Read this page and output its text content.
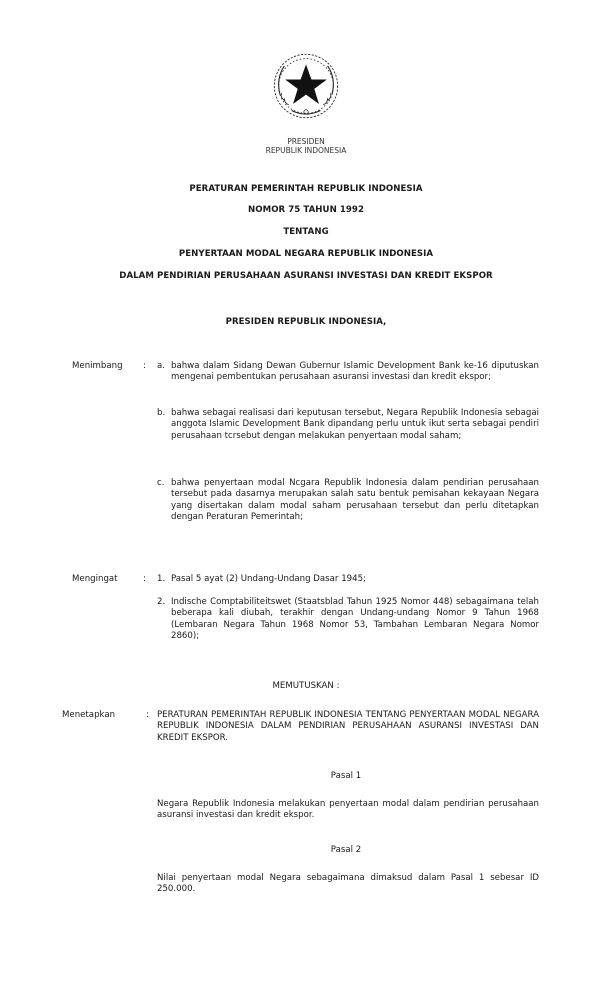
PRESIDEN
REPUBLIK INDONESIA
PERATURAN PEMERINTAH REPUBLIK INDONESIA
NOMOR 75 TAHUN 1992
TENTANG
PENYERTAAN MODAL NEGARA REPUBLIK INDONESIA
DALAM PENDIRIAN PERUSAHAAN ASURANSI INVESTASI DAN KREDIT EKSPOR
PRESIDEN REPUBLIK INDONESIA,
Menimbang : a. bahwa dalam Sidang Dewan Gubernur Islamic Development Bank ke-16 diputuskan mengenai pembentukan perusahaan asuransi investasi dan kredit ekspor;
b. bahwa sebagai realisasi dari keputusan tersebut, Negara Republik Indonesia sebagai anggota Islamic Development Bank dipandang perlu untuk ikut serta sebagai pendiri perusahaan tcrsebut dengan melakukan penyertaan modal saham;
c. bahwa penyertaan modal Ncgara Republik Indonesia dalam pendirian perusahaan tersebut pada dasarnya merupakan salah satu bentuk pemisahan kekayaan Negara yang disertakan dalam modal saham perusahaan tersebut dan perlu ditetapkan dengan Peraturan Pemerintah;
Mengingat	: 1. Pasal 5 ayat (2) Undang-Undang Dasar 1945;
2. Indische Comptabiliteitswet (Staatsblad Tahun 1925 Nomor 448) sebagaimana telah beberapa kali diubah, terakhir dengan Undang-undang Nomor 9 Tahun 1968 (Lembaran Negara Tahun 1968 Nomor 53, Tambahan Lembaran Negara Nomor 2860);
MEMUTUSKAN :
Menetapkan	: PERATURAN PEMERINTAH REPUBLIK INDONESIA TENTANG PENYERTAAN MODAL NEGARA REPUBLIK INDONESIA DALAM PENDIRIAN PERUSAHAAN ASURANSI INVESTASI DAN KREDIT EKSPOR.
Pasal 1
Negara Republik Indonesia melakukan penyertaan modal dalam pendirian perusahaan asuransi investasi dan kredit ekspor.
Pasal 2
Nilai penyertaan modal Negara sebagaimana dimaksud dalam Pasal 1 sebesar ID 250.000.
